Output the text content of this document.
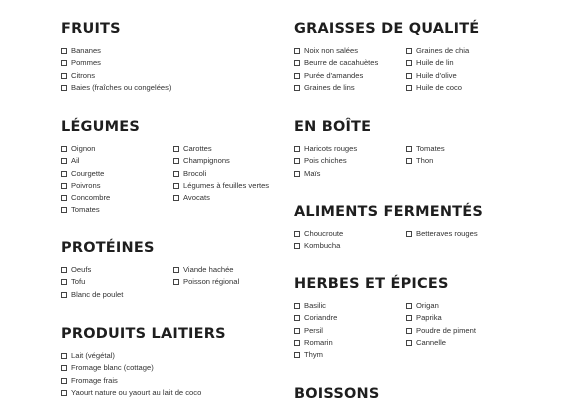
FRUITS
Bananes
Pommes
Citrons
Baies (fraîches ou congelées)
GRAISSES DE QUALITÉ
Noix non salées
Beurre de cacahuètes
Purée d'amandes
Graines de lins
Graines de chia
Huile de lin
Huile d'olive
Huile de coco
LÉGUMES
Oignon
Ail
Courgette
Poivrons
Concombre
Tomates
Carottes
Champignons
Brocoli
Légumes à feuilles vertes
Avocats
EN BOÎTE
Haricots rouges
Pois chiches
Maïs
Tomates
Thon
ALIMENTS FERMENTÉS
Choucroute
Kombucha
Betteraves rouges
PROTÉINES
Oeufs
Tofu
Blanc de poulet
Viande hachée
Poisson régional	HERBES ET ÉPICES
Basilic
Coriandre
Persil
Romarin
Thym
Origan
Paprika
Poudre de piment
Cannelle
PRODUITS LAITIERS
Lait (végétal)
Fromage blanc (cottage)
Fromage frais
Yaourt nature ou yaourt au lait de coco	BOISSONS
